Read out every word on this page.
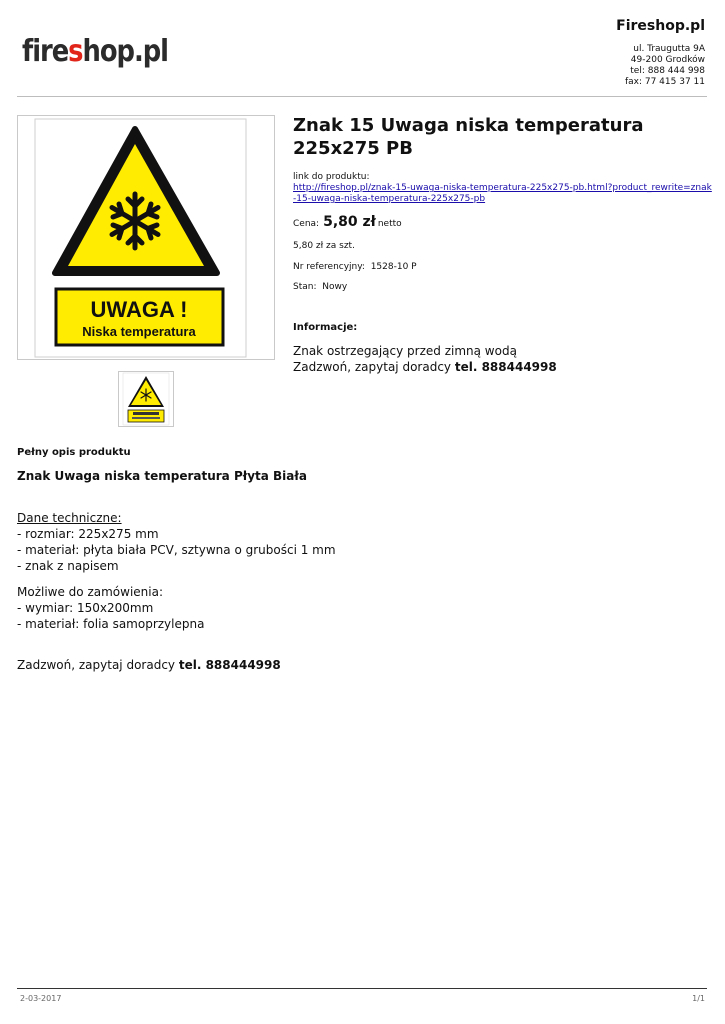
fireshop.pl
Fireshop.pl
ul. Traugutta 9A
49-200 Grodków
tel: 888 444 998
fax: 77 415 37 11
UWAGA !
Niska temperatura
Znak 15 Uwaga niska temperatura 225x275 PB
link do produktu:
http://fireshop.pl/znak-15-uwaga-niska-temperatura-225x275-pb.html?product_rewrite=znak-15-uwaga-niska-temperatura-225x275-pb
Cena: 5,80 zł netto
5,80 zł za szt.
Nr referencyjny: 1528-10 P
Stan: Nowy
Informacje:
Znak ostrzegający przed zimną wodą
Zadzwoń, zapytaj doradcy tel. 888444998
Pełny opis produktu
Znak Uwaga niska temperatura Płyta Biała

Dane techniczne:

- rozmiar: 225x275 mm

- materiał: płyta biała PCV, sztywna o grubości 1 mm

- znak z napisem

Możliwe do zamówienia:

- wymiar: 150x200mm

- materiał: folia samoprzylepna

Zadzwoń, zapytaj doradcy tel. 888444998
2-03-2017	1/1
